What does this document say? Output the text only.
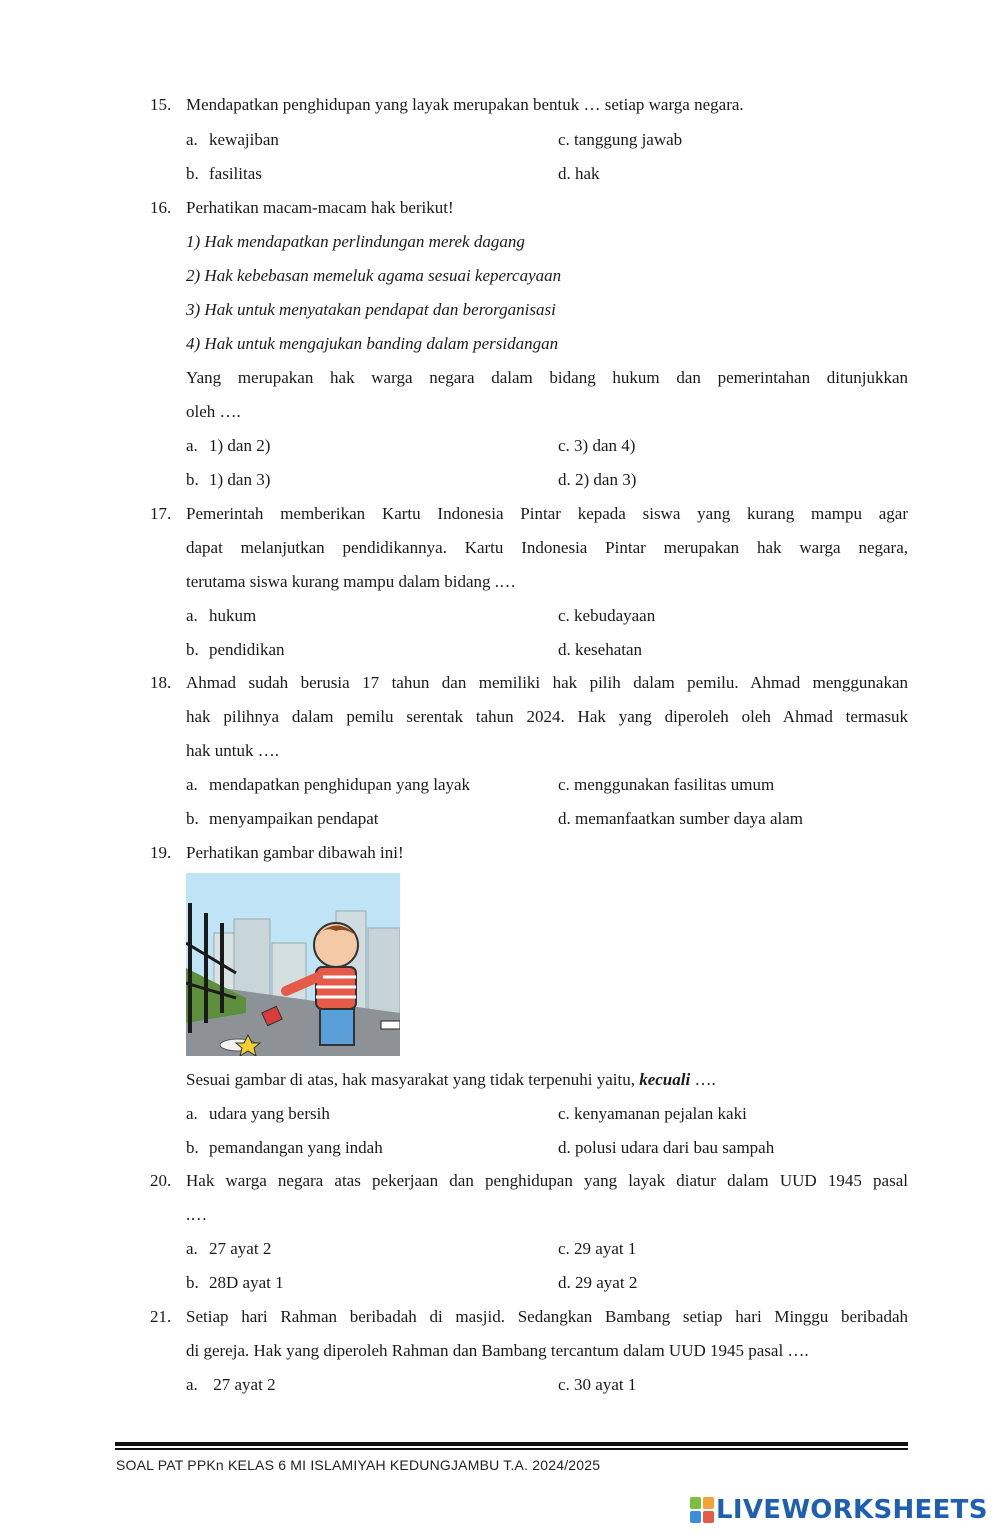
15. Mendapatkan penghidupan yang layak merupakan bentuk … setiap warga negara.
a. kewajiban	c. tanggung jawab
b. fasilitas	d. hak
16. Perhatikan macam-macam hak berikut!
1) Hak mendapatkan perlindungan merek dagang
2) Hak kebebasan memeluk agama sesuai kepercayaan
3) Hak untuk menyatakan pendapat dan berorganisasi
4) Hak untuk mengajukan banding dalam persidangan
Yang merupakan hak warga negara dalam bidang hukum dan pemerintahan ditunjukkan
oleh ….
a. 1) dan 2)	c. 3) dan 4)
b. 1) dan 3)	d. 2) dan 3)
17. Pemerintah memberikan Kartu Indonesia Pintar kepada siswa yang kurang mampu agar
dapat melanjutkan pendidikannya. Kartu Indonesia Pintar merupakan hak warga negara,
terutama siswa kurang mampu dalam bidang .…
a. hukum	c. kebudayaan
b. pendidikan	d. kesehatan
18. Ahmad sudah berusia 17 tahun dan memiliki hak pilih dalam pemilu. Ahmad menggunakan
hak pilihnya dalam pemilu serentak tahun 2024. Hak yang diperoleh oleh Ahmad termasuk
hak untuk ….
a. mendapatkan penghidupan yang layak	c. menggunakan fasilitas umum
b. menyampaikan pendapat	d. memanfaatkan sumber daya alam
19. Perhatikan gambar dibawah ini!
Sesuai gambar di atas, hak masyarakat yang tidak terpenuhi yaitu, kecuali ….
a. udara yang bersih	c. kenyamanan pejalan kaki
b. pemandangan yang indah	d. polusi udara dari bau sampah
20. Hak warga negara atas pekerjaan dan penghidupan yang layak diatur dalam UUD 1945 pasal
.…
a. 27 ayat 2	c. 29 ayat 1
b. 28D ayat 1	d. 29 ayat 2
21. Setiap hari Rahman beribadah di masjid. Sedangkan Bambang setiap hari Minggu beribadah
di gereja. Hak yang diperoleh Rahman dan Bambang tercantum dalam UUD 1945 pasal ….
a. 27 ayat 2	c. 30 ayat 1
SOAL PAT PPKn KELAS 6 MI ISLAMIYAH KEDUNGJAMBU T.A. 2024/2025
LIVEWORKSHEETS
